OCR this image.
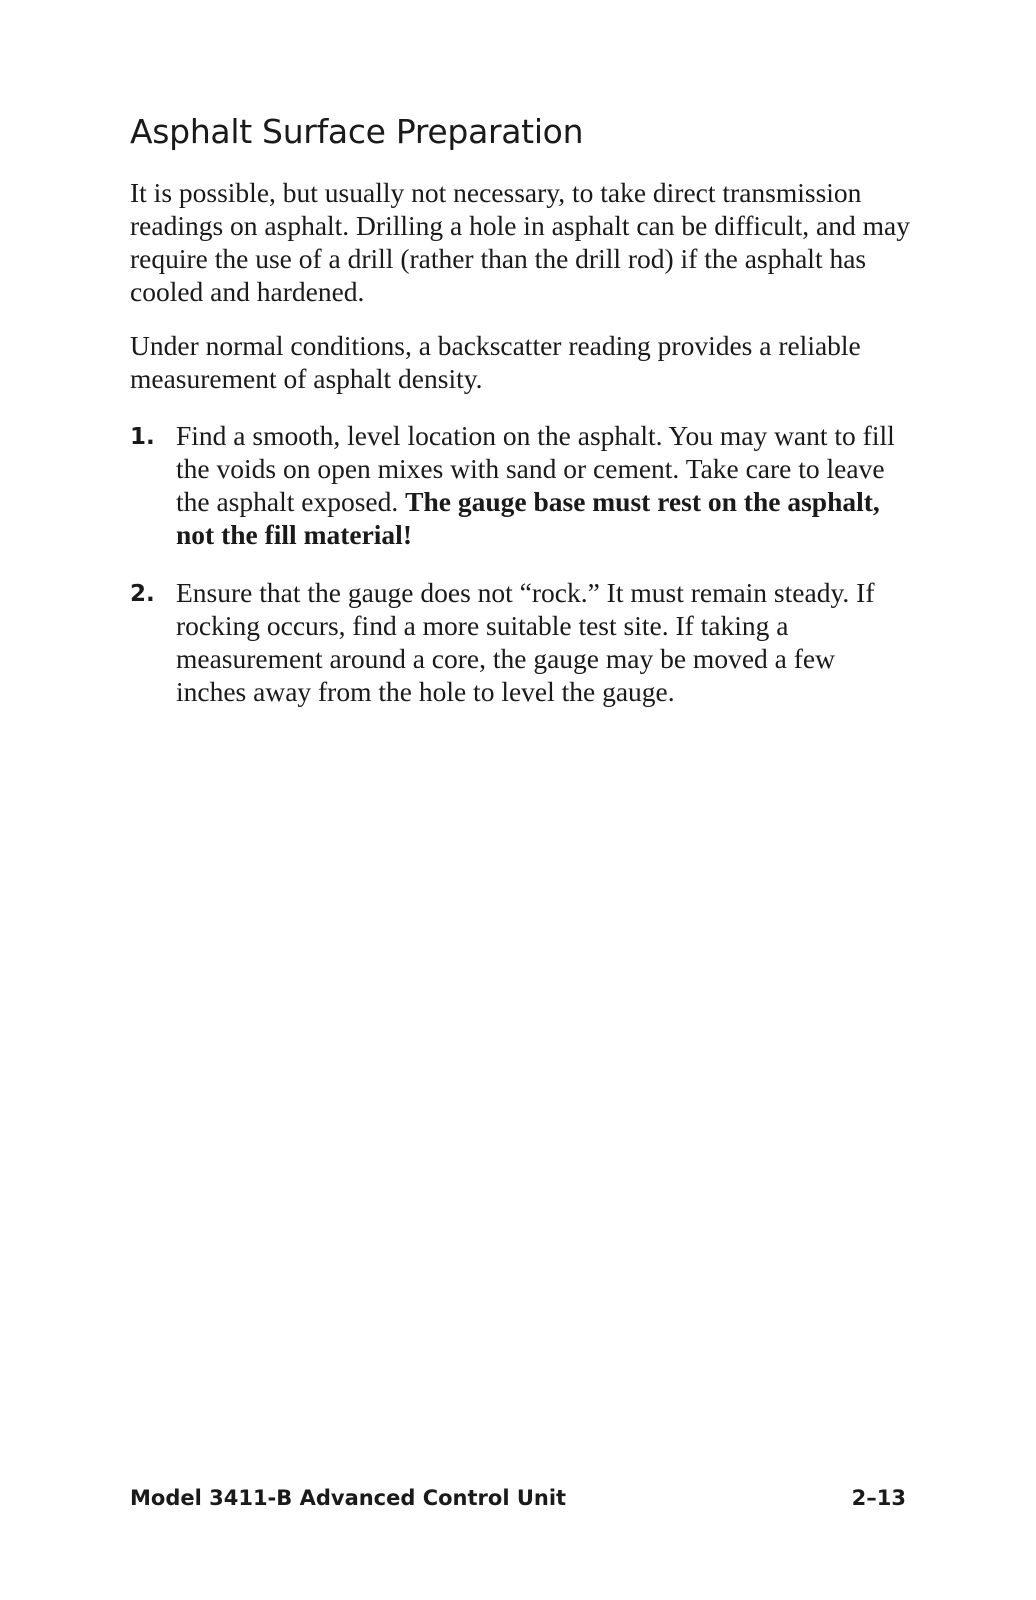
Asphalt Surface Preparation

It is possible, but usually not necessary, to take direct transmission readings on asphalt. Drilling a hole in asphalt can be difficult, and may require the use of a drill (rather than the drill rod) if the asphalt has cooled and hardened.

Under normal conditions, a backscatter reading provides a reliable measurement of asphalt density.

1. Find a smooth, level location on the asphalt. You may want to fill the voids on open mixes with sand or cement. Take care to leave the asphalt exposed. The gauge base must rest on the asphalt, not the fill material!

2. Ensure that the gauge does not “rock.” It must remain steady. If rocking occurs, find a more suitable test site. If taking a measurement around a core, the gauge may be moved a few inches away from the hole to level the gauge.

Model 3411-B Advanced Control Unit	2–13
